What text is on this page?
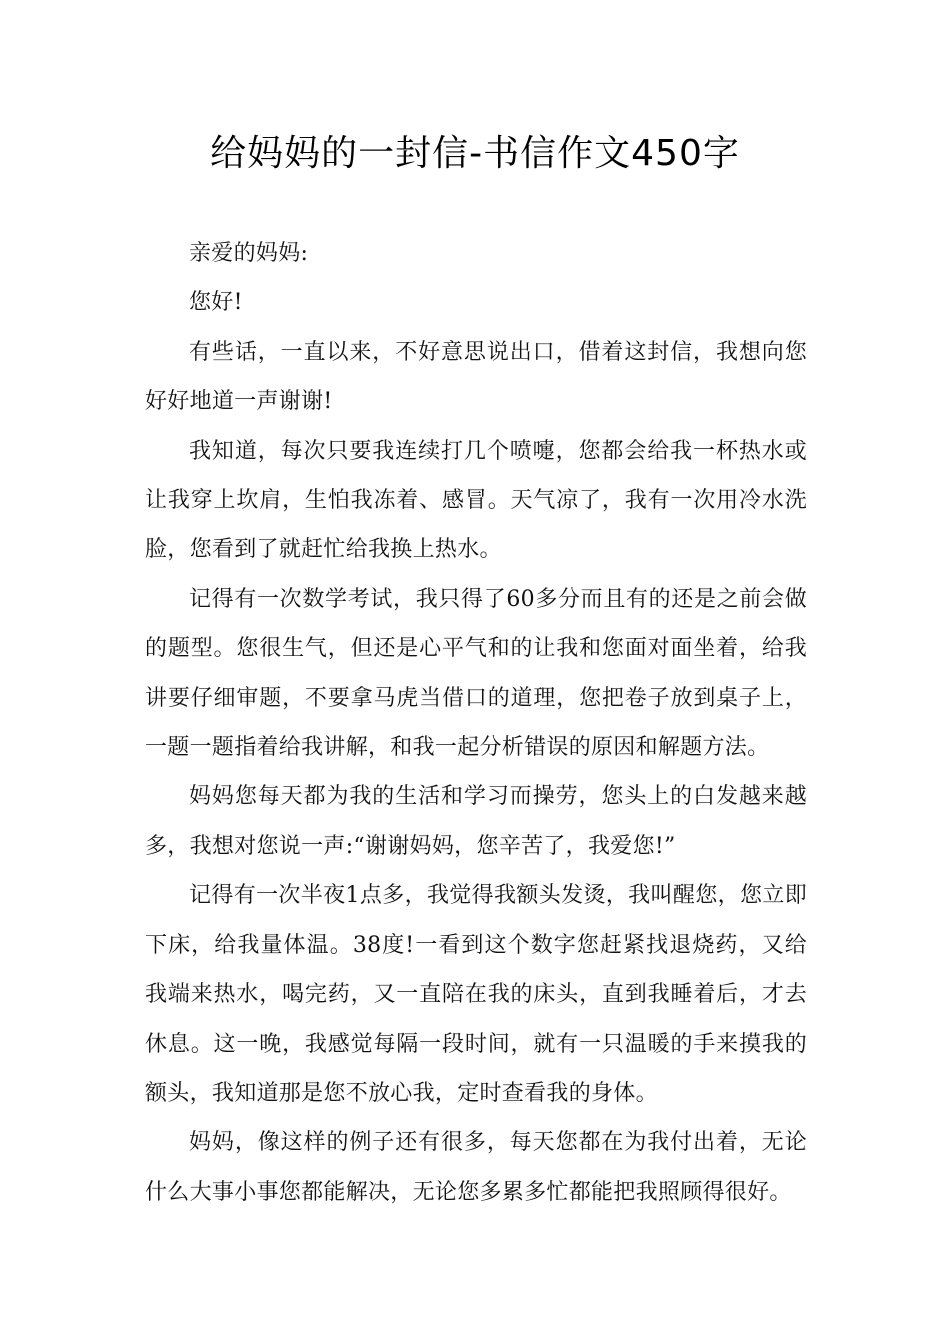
给妈妈的一封信-书信作文450字

亲爱的妈妈:

您好!

有些话，一直以来，不好意思说出口，借着这封信，我想向您好好地道一声谢谢!

我知道，每次只要我连续打几个喷嚏，您都会给我一杯热水或让我穿上坎肩，生怕我冻着、感冒。天气凉了，我有一次用冷水洗脸，您看到了就赶忙给我换上热水。

记得有一次数学考试，我只得了60多分而且有的还是之前会做的题型。您很生气，但还是心平气和的让我和您面对面坐着，给我讲要仔细审题，不要拿马虎当借口的道理，您把卷子放到桌子上，一题一题指着给我讲解，和我一起分析错误的原因和解题方法。

妈妈您每天都为我的生活和学习而操劳，您头上的白发越来越多，我想对您说一声:“谢谢妈妈，您辛苦了，我爱您!”

记得有一次半夜1点多，我觉得我额头发烫，我叫醒您，您立即下床，给我量体温。38度!一看到这个数字您赶紧找退烧药，又给我端来热水，喝完药，又一直陪在我的床头，直到我睡着后，才去休息。这一晚，我感觉每隔一段时间，就有一只温暖的手来摸我的额头，我知道那是您不放心我，定时查看我的身体。

妈妈，像这样的例子还有很多，每天您都在为我付出着，无论什么大事小事您都能解决，无论您多累多忙都能把我照顾得很好。
